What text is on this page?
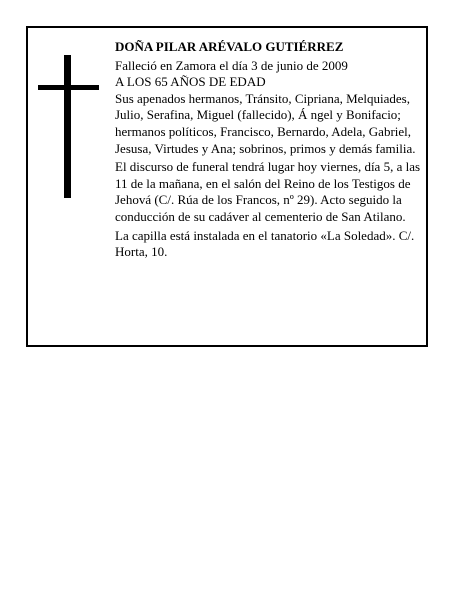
DOÑA PILAR ARÉVALO GUTIÉRREZ

Falleció en Zamora el día 3 de junio de 2009

A LOS 65 AÑOS DE EDAD

Sus apenados hermanos, Tránsito, Cipriana, Melquiades, Julio, Serafina, Miguel (fallecido), Á ngel y Bonifacio; hermanos políticos, Francisco, Bernardo, Adela, Gabriel, Jesusa, Virtudes y Ana; sobrinos, primos y demás familia.

El discurso de funeral tendrá lugar hoy viernes, día 5, a las 11 de la mañana, en el salón del Reino de los Testigos de Jehová (C/. Rúa de los Francos, nº 29). Acto seguido la conducción de su cadáver al cementerio de San Atilano.

La capilla está instalada en el tanatorio «La Soledad». C/. Horta, 10.
